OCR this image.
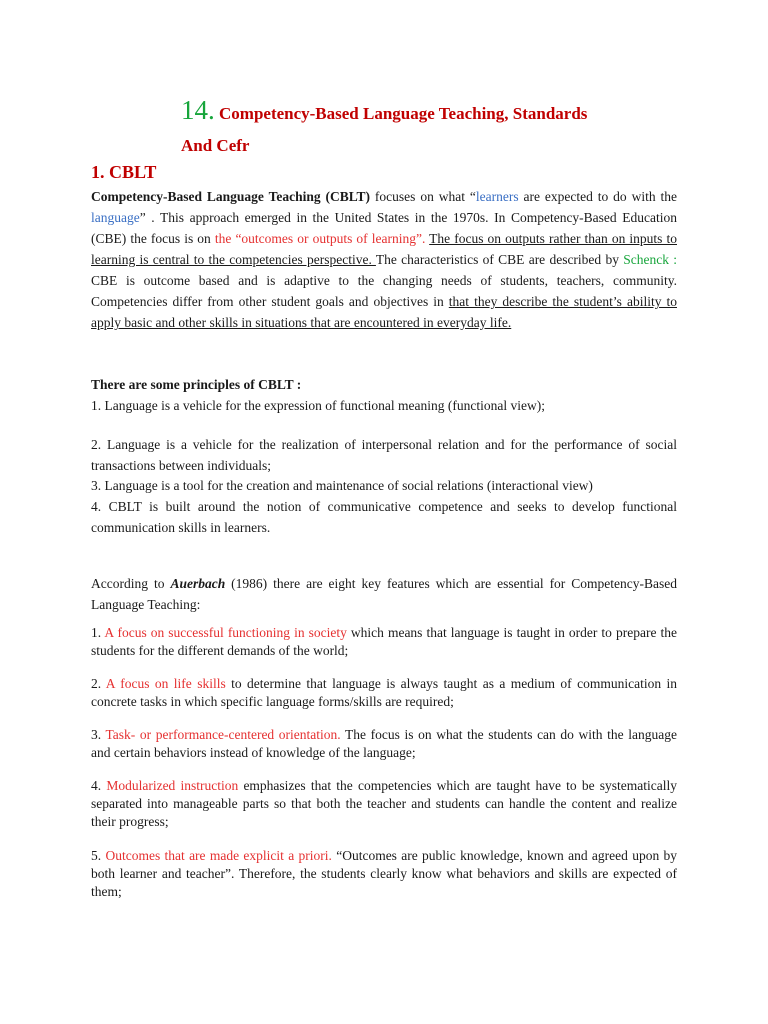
14. Competency-Based Language Teaching, Standards
And Cefr
1. CBLT

Competency-Based Language Teaching (CBLT) focuses on what “learners are expected to do with the language” . This approach emerged in the United States in the 1970s. In Competency-Based Education (CBE) the focus is on the “outcomes or outputs of learning”. The focus on outputs rather than on inputs to learning is central to the competencies perspective. The characteristics of CBE are described by Schenck : CBE is outcome based and is adaptive to the changing needs of students, teachers, community. Competencies differ from other student goals and objectives in that they describe the student’s ability to apply basic and other skills in situations that are encountered in everyday life.

There are some principles of CBLT :

1. Language is a vehicle for the expression of functional meaning (functional view);
2. Language is a vehicle for the realization of interpersonal relation and for the performance of social transactions between individuals;
3. Language is a tool for the creation and maintenance of social relations (interactional view)
4. CBLT is built around the notion of communicative competence and seeks to develop functional communication skills in learners.

According to Auerbach (1986) there are eight key features which are essential for Competency-Based Language Teaching:

1. A focus on successful functioning in society which means that language is taught in order to prepare the students for the different demands of the world;

2. A focus on life skills to determine that language is always taught as a medium of communication in concrete tasks in which specific language forms/skills are required;

3. Task- or performance-centered orientation. The focus is on what the students can do with the language and certain behaviors instead of knowledge of the language;

4. Modularized instruction emphasizes that the competencies which are taught have to be systematically separated into manageable parts so that both the teacher and students can handle the content and realize their progress;

5. Outcomes that are made explicit a priori. “Outcomes are public knowledge, known and agreed upon by both learner and teacher”. Therefore, the students clearly know what behaviors and skills are expected of them;
